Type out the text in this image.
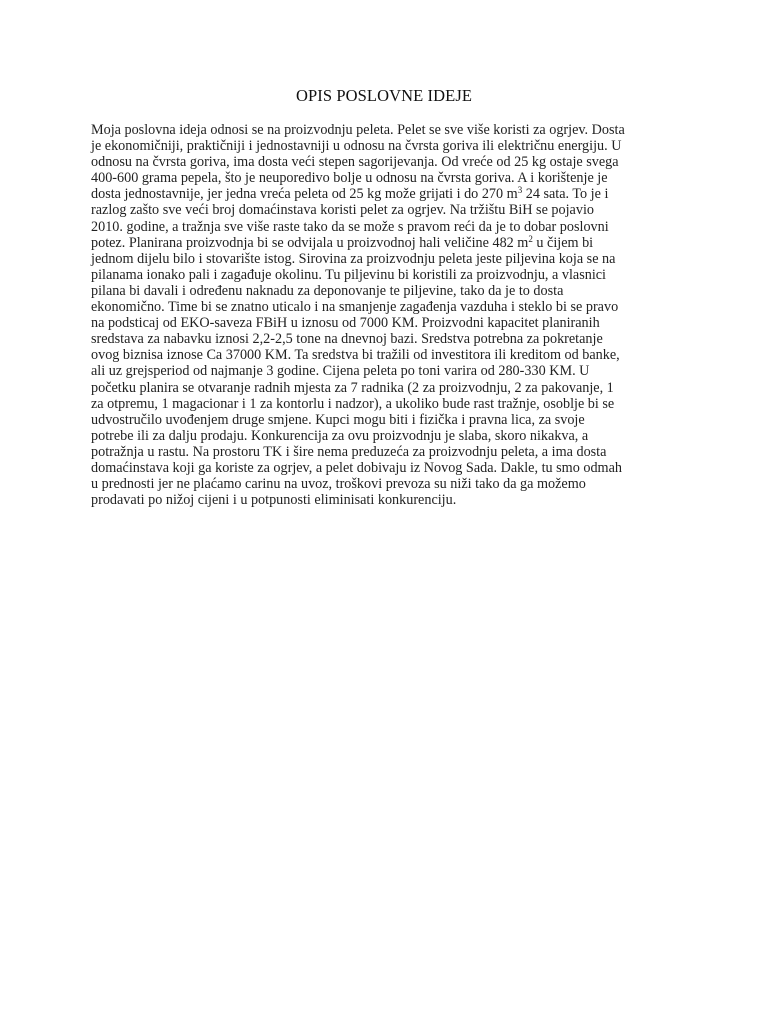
OPIS POSLOVNE IDEJE
Moja poslovna ideja odnosi se na proizvodnju peleta. Pelet se sve više koristi za ogrjev. Dosta
je ekonomičniji, praktičniji i jednostavniji u odnosu na čvrsta goriva ili električnu energiju. U
odnosu na čvrsta goriva, ima dosta veći stepen sagorijevanja. Od vreće od 25 kg ostaje svega
400-600 grama pepela, što je neuporedivo bolje u odnosu na čvrsta goriva. A i korištenje je
dosta jednostavnije, jer jedna vreća peleta od 25 kg može grijati i do 270 $m^3$ 24 sata. To je i
razlog zašto sve veći broj domaćinstava koristi pelet za ogrjev. Na tržištu BiH se pojavio
2010. godine, a tražnja sve više raste tako da se može s pravom reći da je to dobar poslovni
potez. Planirana proizvodnja bi se odvijala u proizvodnoj hali veličine 482 $m^2$ u čijem bi
jednom dijelu bilo i stovarište istog. Sirovina za proizvodnju peleta jeste piljevina koja se na
pilanama ionako pali i zagađuje okolinu. Tu piljevinu bi koristili za proizvodnju, a vlasnici
pilana bi davali i određenu naknadu za deponovanje te piljevine, tako da je to dosta
ekonomično. Time bi se znatno uticalo i na smanjenje zagađenja vazduha i steklo bi se pravo
na podsticaj od EKO-saveza FBiH u iznosu od 7000 KM. Proizvodni kapacitet planiranih
sredstava za nabavku iznosi 2,2-2,5 tone na dnevnoj bazi. Sredstva potrebna za pokretanje
ovog biznisa iznose Ca 37000 KM. Ta sredstva bi tražili od investitora ili kreditom od banke,
ali uz grejsperiod od najmanje 3 godine. Cijena peleta po toni varira od 280-330 KM. U
početku planira se otvaranje radnih mjesta za 7 radnika (2 za proizvodnju, 2 za pakovanje, 1
za otpremu, 1 magacionar i 1 za kontorlu i nadzor), a ukoliko bude rast tražnje, osoblje bi se
udvostručilo uvođenjem druge smjene. Kupci mogu biti i fizička i pravna lica, za svoje
potrebe ili za dalju prodaju. Konkurencija za ovu proizvodnju je slaba, skoro nikakva, a
potražnja u rastu. Na prostoru TK i šire nema preduzeća za proizvodnju peleta, a ima dosta
domaćinstava koji ga koriste za ogrjev, a pelet dobivaju iz Novog Sada. Dakle, tu smo odmah
u prednosti jer ne plaćamo carinu na uvoz, troškovi prevoza su niži tako da ga možemo
prodavati po nižoj cijeni i u potpunosti eliminisati konkurenciju.
